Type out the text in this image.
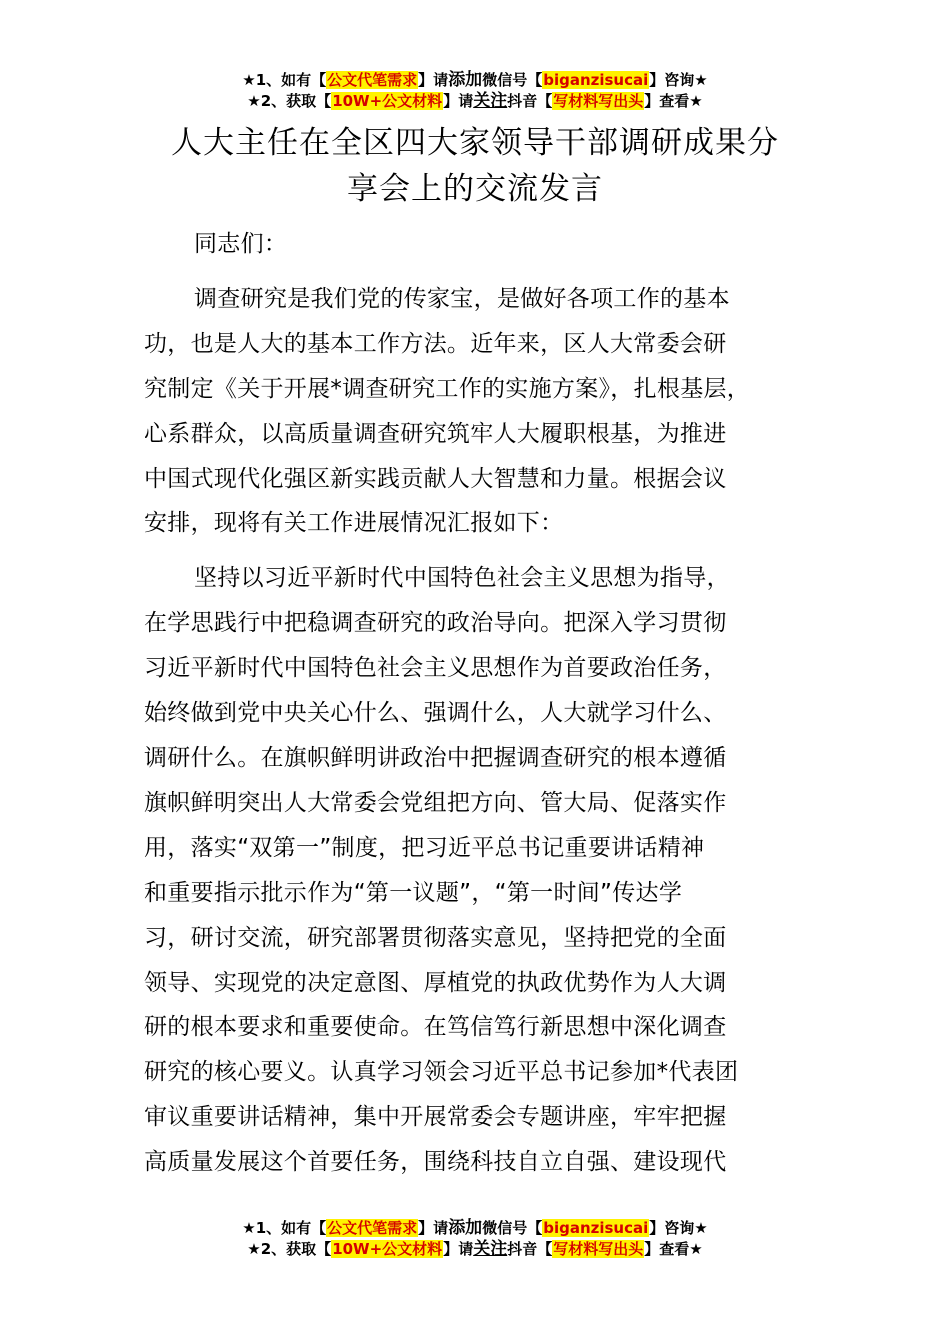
★1、如有【公文代笔需求】请添加微信号【biganzisucai】咨询★
★2、获取【10W+公文材料】请关注抖音【写材料写出头】查看★
人大主任在全区四大家领导干部调研成果分
享会上的交流发言

同志们：

调查研究是我们党的传家宝，是做好各项工作的基本
功，也是人大的基本工作方法。近年来，区人大常委会研
究制定《关于开展*调查研究工作的实施方案》，扎根基层，
心系群众，以高质量调查研究筑牢人大履职根基，为推进
中国式现代化强区新实践贡献人大智慧和力量。根据会议
安排，现将有关工作进展情况汇报如下：

坚持以习近平新时代中国特色社会主义思想为指导，
在学思践行中把稳调查研究的政治导向。把深入学习贯彻
习近平新时代中国特色社会主义思想作为首要政治任务，
始终做到党中央关心什么、强调什么，人大就学习什么、
调研什么。在旗帜鲜明讲政治中把握调查研究的根本遵循
旗帜鲜明突出人大常委会党组把方向、管大局、促落实作
用，落实“双第一”制度，把习近平总书记重要讲话精神
和重要指示批示作为“第一议题”，“第一时间”传达学
习，研讨交流，研究部署贯彻落实意见，坚持把党的全面
领导、实现党的决定意图、厚植党的执政优势作为人大调
研的根本要求和重要使命。在笃信笃行新思想中深化调查
研究的核心要义。认真学习领会习近平总书记参加*代表团
审议重要讲话精神，集中开展常委会专题讲座，牢牢把握
高质量发展这个首要任务，围绕科技自立自强、建设现代

★1、如有【公文代笔需求】请添加微信号【biganzisucai】咨询★
★2、获取【10W+公文材料】请关注抖音【写材料写出头】查看★
